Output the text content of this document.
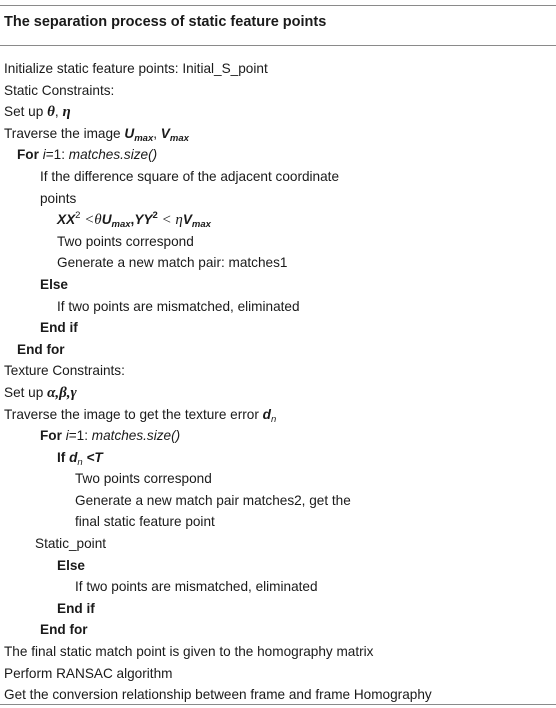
The separation process of static feature points
Initialize static feature points: Initial_S_point
Static Constraints:
Set up θ, η
Traverse the image $U_{max}$, $V_{max}$
For i=1: matches.size()
If the difference square of the adjacent coordinate
points
$XX^2 <\theta U_{max},YY^2 < \eta V_{max}$
Two points correspond
Generate a new match pair: matches1
Else
If two points are mismatched, eliminated
End if
End for
Texture Constraints:
Set up α,β,γ
Traverse the image to get the texture error $d_n$
For i=1: matches.size()
If $d_n <T$
Two points correspond
Generate a new match pair matches2, get the
final static feature point
Static_point
Else
If two points are mismatched, eliminated
End if
End for
The final static match point is given to the homography matrix
Perform RANSAC algorithm
Get the conversion relationship between frame and frame Homography
